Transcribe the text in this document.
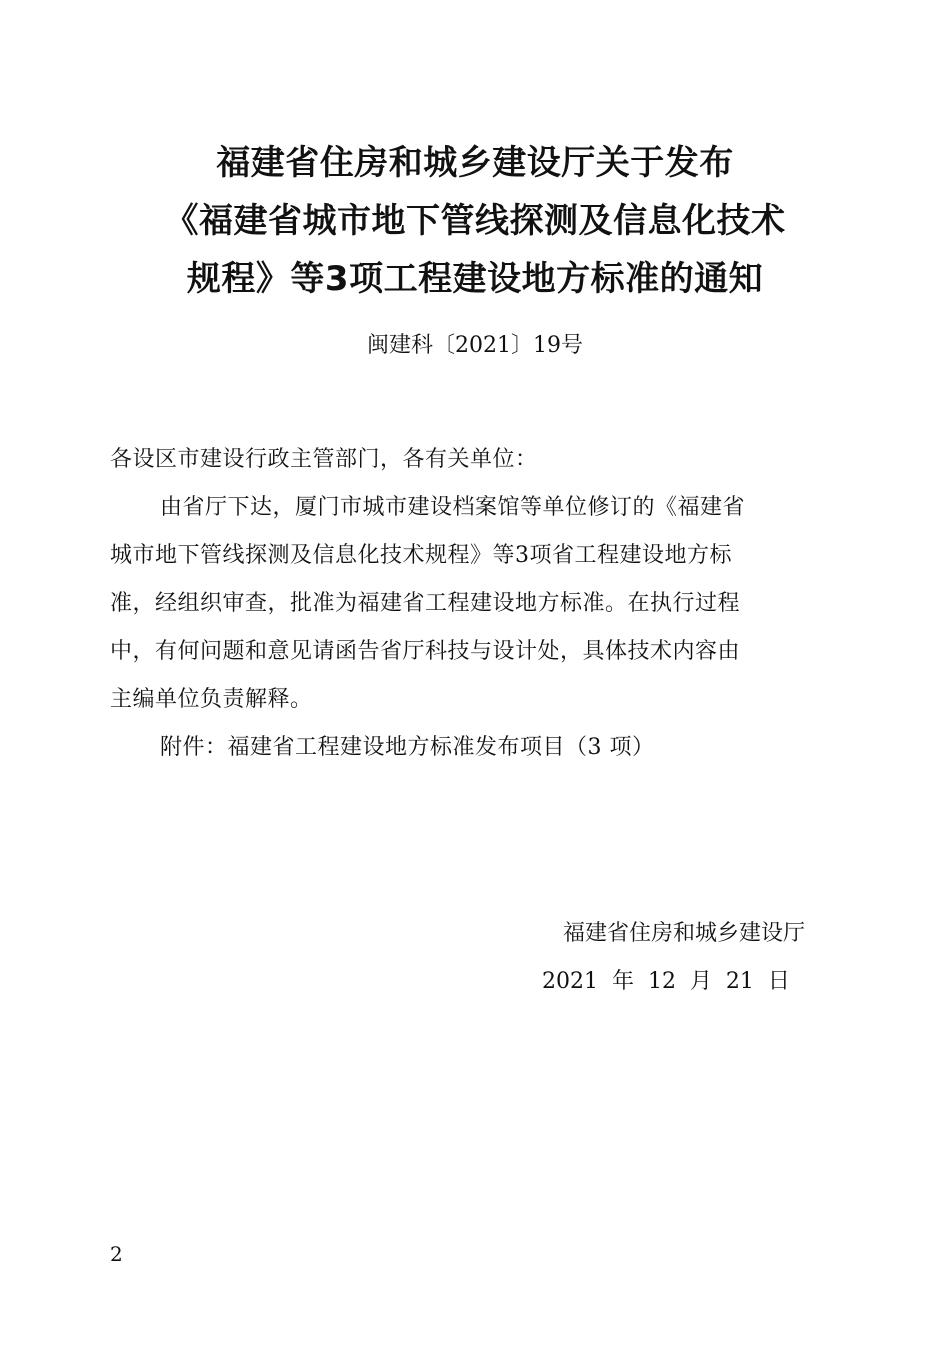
福建省住房和城乡建设厅关于发布
《福建省城市地下管线探测及信息化技术
规程》等3项工程建设地方标准的通知
闽建科〔2021〕19号
各设区市建设行政主管部门，各有关单位：
由省厅下达，厦门市城市建设档案馆等单位修订的《福建省
城市地下管线探测及信息化技术规程》等3项省工程建设地方标
准，经组织审查，批准为福建省工程建设地方标准。在执行过程
中，有何问题和意见请函告省厅科技与设计处，具体技术内容由
主编单位负责解释。
附件：福建省工程建设地方标准发布项目（3 项）
福建省住房和城乡建设厅
2021  年  12  月  21  日
2
